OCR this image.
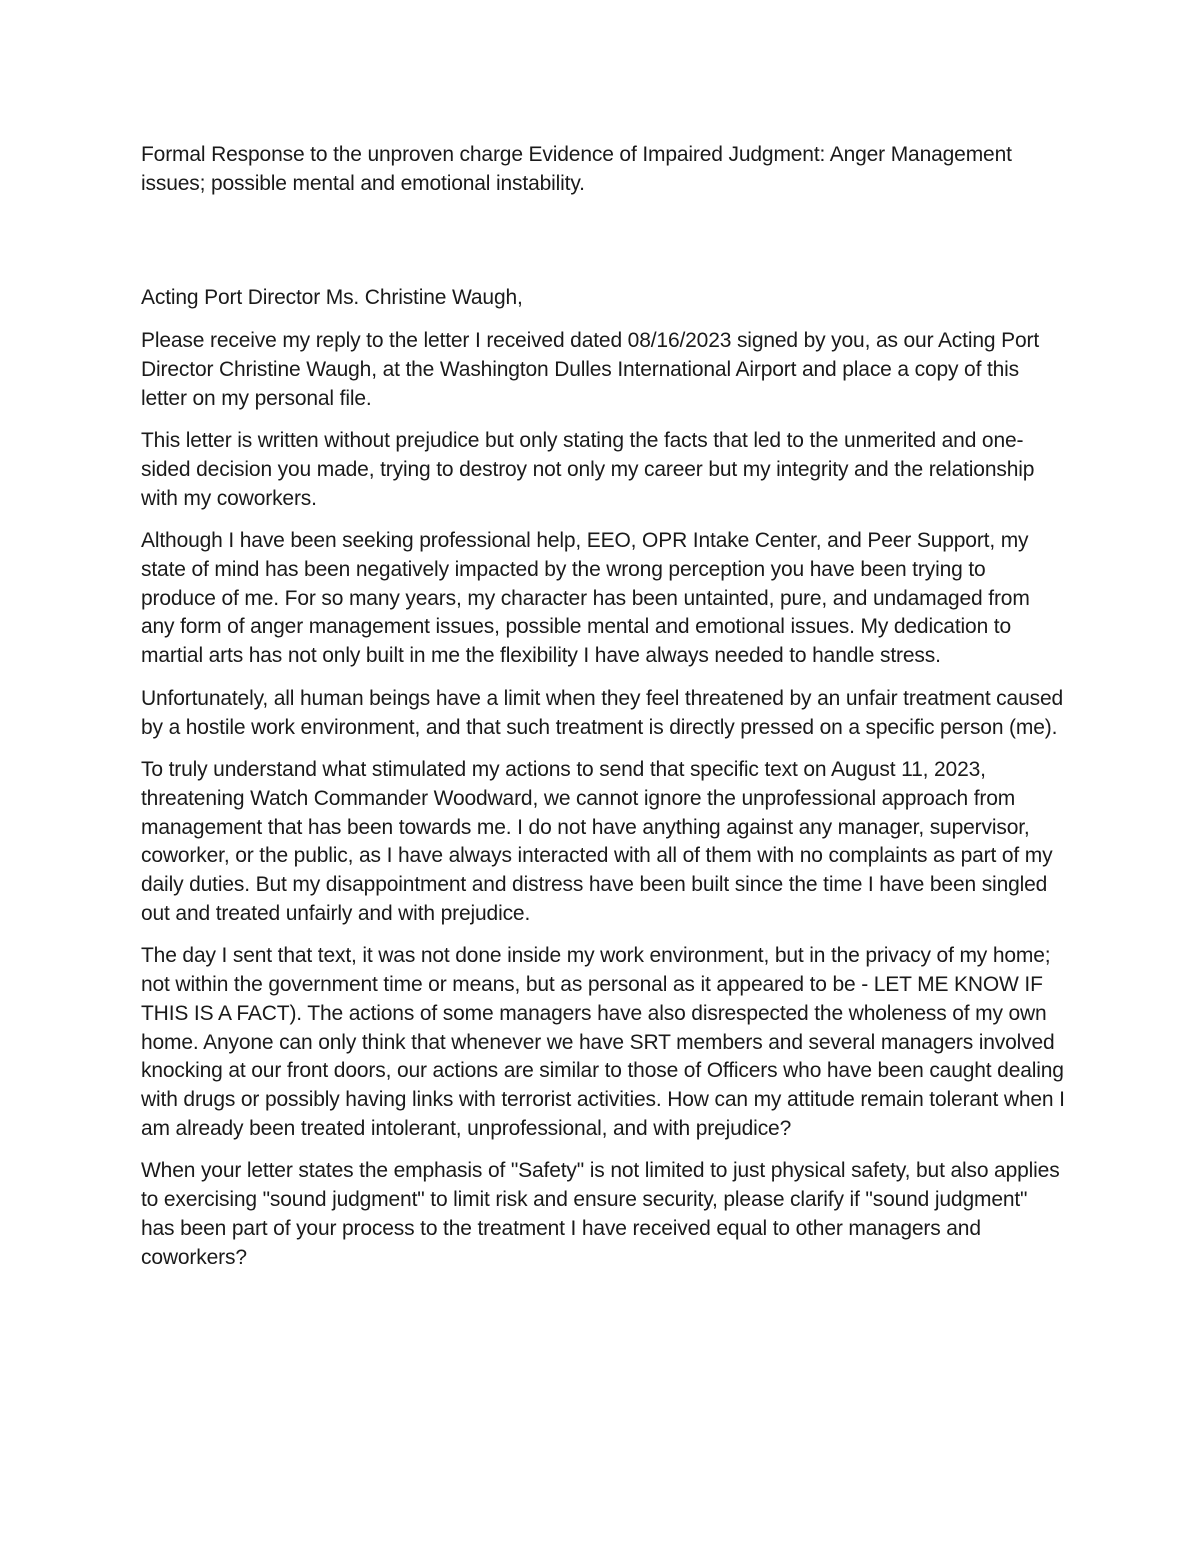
Formal Response to the unproven charge Evidence of Impaired Judgment: Anger Management issues; possible mental and emotional instability.

Acting Port Director Ms. Christine Waugh,

Please receive my reply to the letter I received dated 08/16/2023 signed by you, as our Acting Port Director Christine Waugh, at the Washington Dulles International Airport and place a copy of this letter on my personal file.

This letter is written without prejudice but only stating the facts that led to the unmerited and one-sided decision you made, trying to destroy not only my career but my integrity and the relationship with my coworkers.

Although I have been seeking professional help, EEO, OPR Intake Center, and Peer Support, my state of mind has been negatively impacted by the wrong perception you have been trying to produce of me. For so many years, my character has been untainted, pure, and undamaged from any form of anger management issues, possible mental and emotional issues. My dedication to martial arts has not only built in me the flexibility I have always needed to handle stress.

Unfortunately, all human beings have a limit when they feel threatened by an unfair treatment caused by a hostile work environment, and that such treatment is directly pressed on a specific person (me).

To truly understand what stimulated my actions to send that specific text on August 11, 2023, threatening Watch Commander Woodward, we cannot ignore the unprofessional approach from management that has been towards me. I do not have anything against any manager, supervisor, coworker, or the public, as I have always interacted with all of them with no complaints as part of my daily duties. But my disappointment and distress have been built since the time I have been singled out and treated unfairly and with prejudice.

The day I sent that text, it was not done inside my work environment, but in the privacy of my home; not within the government time or means, but as personal as it appeared to be - LET ME KNOW IF THIS IS A FACT). The actions of some managers have also disrespected the wholeness of my own home. Anyone can only think that whenever we have SRT members and several managers involved knocking at our front doors, our actions are similar to those of Officers who have been caught dealing with drugs or possibly having links with terrorist activities. How can my attitude remain tolerant when I am already been treated intolerant, unprofessional, and with prejudice?

When your letter states the emphasis of "Safety" is not limited to just physical safety, but also applies to exercising "sound judgment" to limit risk and ensure security, please clarify if "sound judgment" has been part of your process to the treatment I have received equal to other managers and coworkers?
